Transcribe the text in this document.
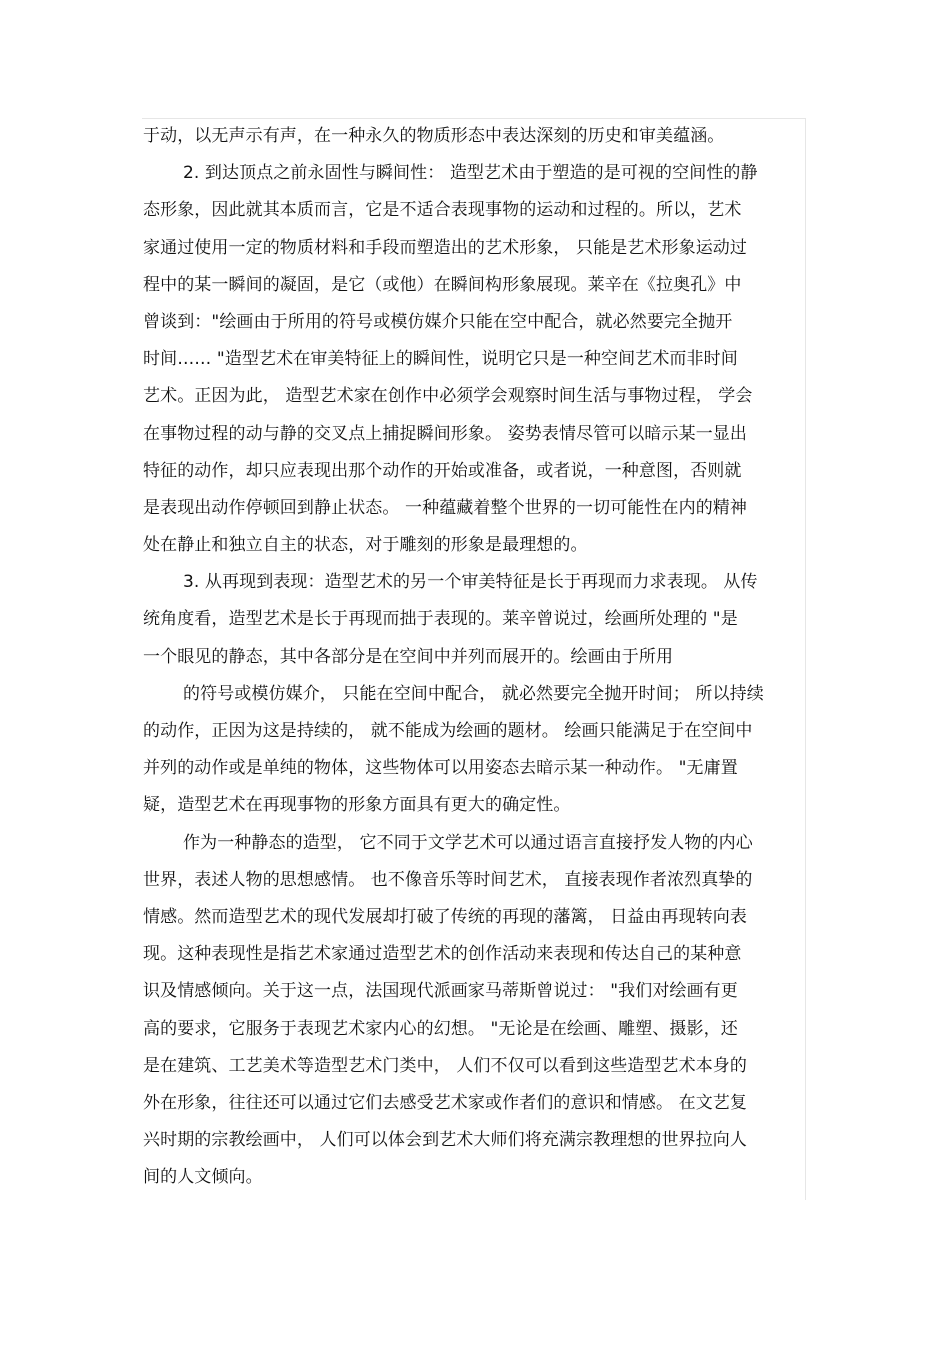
于动，以无声示有声，在一种永久的物质形态中表达深刻的历史和审美蕴涵。
2. 到达顶点之前永固性与瞬间性： 造型艺术由于塑造的是可视的空间性的静
态形象，因此就其本质而言，它是不适合表现事物的运动和过程的。所以，艺术
家通过使用一定的物质材料和手段而塑造出的艺术形象， 只能是艺术形象运动过
程中的某一瞬间的凝固，是它（或他）在瞬间构形象展现。莱辛在《拉奥孔》中
曾谈到："绘画由于所用的符号或模仿媒介只能在空中配合，就必然要完全抛开
时间…… "造型艺术在审美特征上的瞬间性，说明它只是一种空间艺术而非时间
艺术。正因为此， 造型艺术家在创作中必须学会观察时间生活与事物过程， 学会
在事物过程的动与静的交叉点上捕捉瞬间形象。 姿势表情尽管可以暗示某一显出
特征的动作，却只应表现出那个动作的开始或准备，或者说，一种意图，否则就
是表现出动作停顿回到静止状态。 一种蕴藏着整个世界的一切可能性在内的精神
处在静止和独立自主的状态，对于雕刻的形象是最理想的。
3. 从再现到表现：造型艺术的另一个审美特征是长于再现而力求表现。 从传
统角度看，造型艺术是长于再现而拙于表现的。莱辛曾说过，绘画所处理的 "是
一个眼见的静态，其中各部分是在空间中并列而展开的。绘画由于所用
的符号或模仿媒介， 只能在空间中配合， 就必然要完全抛开时间； 所以持续
的动作，正因为这是持续的， 就不能成为绘画的题材。 绘画只能满足于在空间中
并列的动作或是单纯的物体，这些物体可以用姿态去暗示某一种动作。 "无庸置
疑，造型艺术在再现事物的形象方面具有更大的确定性。
作为一种静态的造型， 它不同于文学艺术可以通过语言直接抒发人物的内心
世界，表述人物的思想感情。 也不像音乐等时间艺术， 直接表现作者浓烈真挚的
情感。然而造型艺术的现代发展却打破了传统的再现的藩篱， 日益由再现转向表
现。这种表现性是指艺术家通过造型艺术的创作活动来表现和传达自己的某种意
识及情感倾向。关于这一点，法国现代派画家马蒂斯曾说过： "我们对绘画有更
高的要求，它服务于表现艺术家内心的幻想。 "无论是在绘画、雕塑、摄影，还
是在建筑、工艺美术等造型艺术门类中， 人们不仅可以看到这些造型艺术本身的
外在形象，往往还可以通过它们去感受艺术家或作者们的意识和情感。 在文艺复
兴时期的宗教绘画中， 人们可以体会到艺术大师们将充满宗教理想的世界拉向人
间的人文倾向。
